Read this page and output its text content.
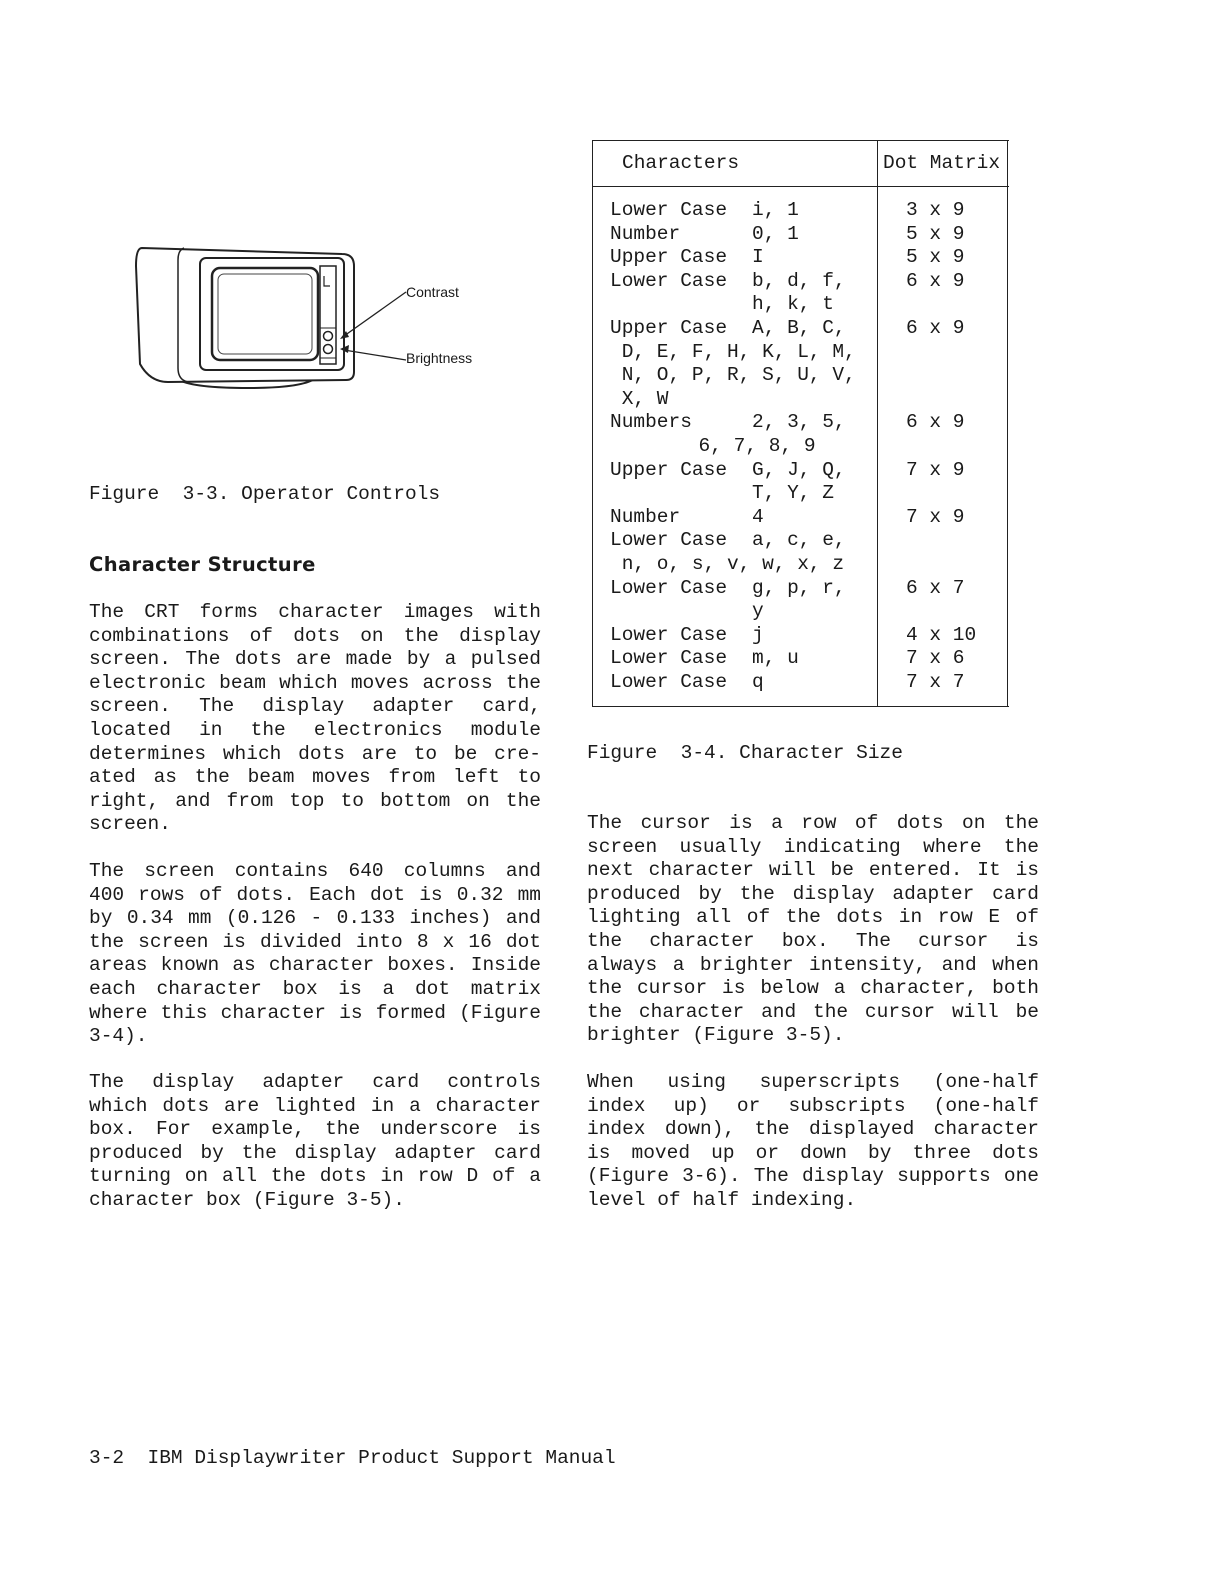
Contrast
Brightness

Figure  3-3. Operator Controls

Character Structure

The CRT forms character images with combinations of dots on the display screen. The dots are made by a pulsed electronic beam which moves across the screen. The display adapter card, located in the electronics module determines which dots are to be cre-ated as the beam moves from left to right, and from top to bottom on the screen.

The screen contains 640 columns and 400 rows of dots. Each dot is 0.32 mm by 0.34 mm (0.126 - 0.133 inches) and the screen is divided into 8 x 16 dot areas known as character boxes. Inside each character box is a dot matrix where this character is formed (Figure 3-4).

The display adapter card controls which dots are lighted in a character box. For example, the underscore is produced by the display adapter card turning on all the dots in row D of a character box (Figure 3-5).

Characters	Dot Matrix
Lower Case i, 1	3 x 9
Number	0, 1	5 x 9
Upper Case I	5 x 9
Lower Case b, d, f,	6 x 9
h, k, t
Upper Case A, B, C,	6 x 9
D, E, F, H, K, L, M,
N, O, P, R, S, U, V,
X, W
Numbers	2, 3, 5,	6 x 9
6, 7, 8, 9
Upper Case G, J, Q,	7 x 9
T, Y, Z
Number	4	7 x 9
Lower Case a, c, e,
n, o, s, v, w, x, z
Lower Case g, p, r,	6 x 7
y
Lower Case j	4 x 10
Lower Case m, u	7 x 6
Lower Case q	7 x 7

Figure  3-4. Character Size

The cursor is a row of dots on the screen usually indicating where the next character will be entered. It is produced by the display adapter card lighting all of the dots in row E of the character box. The cursor is always a brighter intensity, and when the cursor is below a character, both the character and the cursor will be brighter (Figure 3-5).

When using superscripts (one-half index up) or subscripts (one-half index down), the displayed character is moved up or down by three dots (Figure 3-6). The display supports one level of half indexing.

3-2  IBM Displaywriter Product Support Manual
